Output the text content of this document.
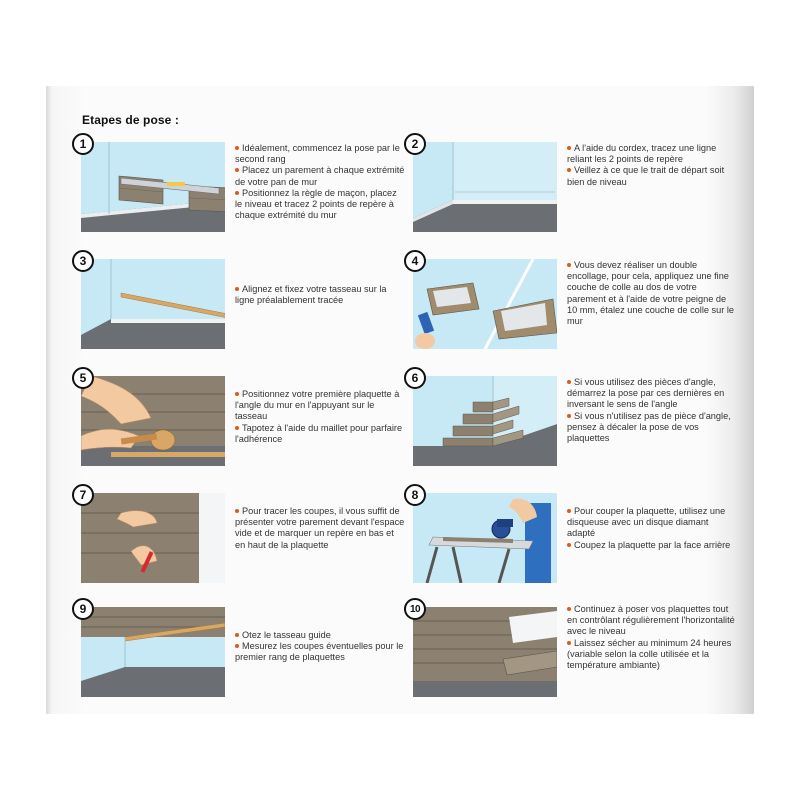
Etapes de pose :
1	Idéalement, commencez la pose par le second rang

Placez un parement à chaque extrémité de votre pan de mur

Positionnez la règle de maçon, placez le niveau et tracez 2 points de repère à chaque extrémité du mur

2	A l'aide du cordex, tracez une ligne reliant les 2 points de repère

Veillez à ce que le trait de départ soit bien de niveau

3

Alignez et fixez votre tasseau sur la ligne préalablement tracée

4	Vous devez réaliser un double encollage, pour cela, appliquez une fine couche de colle au dos de votre parement et à l'aide de votre peigne de 10 mm, étalez une couche de colle sur le mur

5

Positionnez votre première plaquette à l'angle du mur en l'appuyant sur le tasseau

Tapotez à l'aide du maillet pour parfaire l'adhérence

6	Si vous utilisez des pièces d'angle, démarrez la pose par ces dernières en inversant le sens de l'angle

Si vous n'utilisez pas de pièce d'angle, pensez à décaler la pose de vos plaquettes

7

Pour tracer les coupes, il vous suffit de présenter votre parement devant l'espace vide et de marquer un repère en bas et en haut de la plaquette

8

Pour couper la plaquette, utilisez une disqueuse avec un disque diamant adapté

Coupez la plaquette par la face arrière

9

Otez le tasseau guide

Mesurez les coupes éventuelles pour le premier rang de plaquettes

10	Continuez à poser vos plaquettes tout en contrôlant régulièrement l'horizontalité avec le niveau

Laissez sécher au minimum 24 heures (variable selon la colle utilisée et la température ambiante)
